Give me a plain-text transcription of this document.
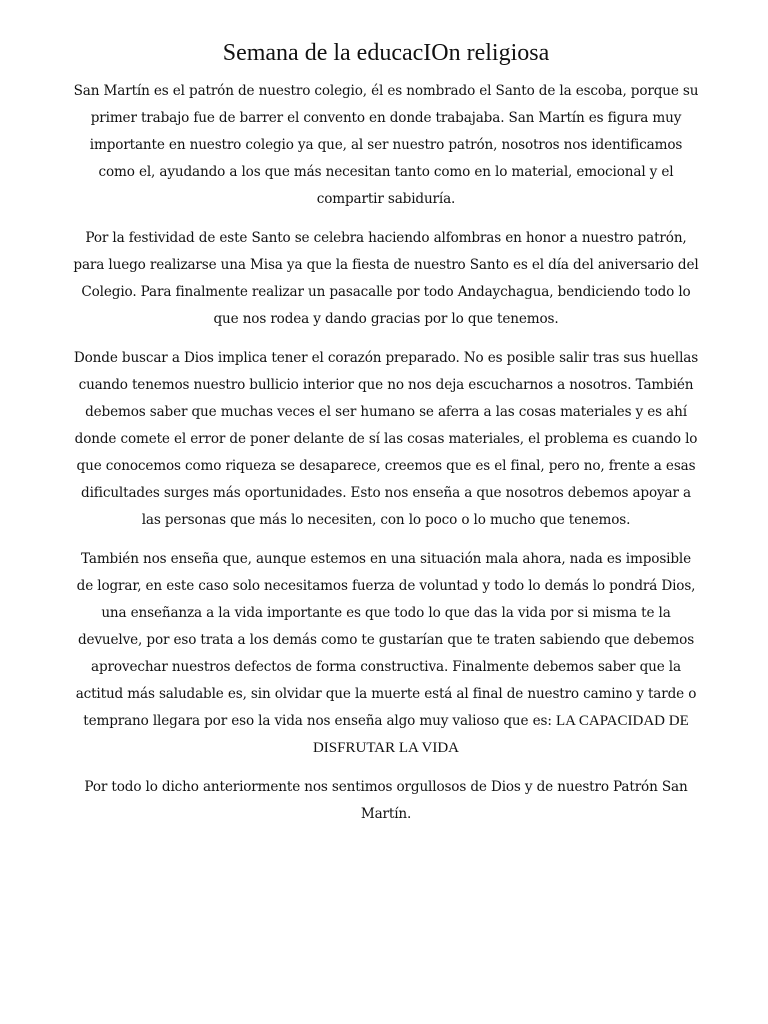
Semana de la educacIOn religiosa

San Martín es el patrón de nuestro colegio, él es nombrado el Santo de la escoba, porque su primer trabajo fue de barrer el convento en donde trabajaba. San Martín es figura muy importante en nuestro colegio ya que, al ser nuestro patrón, nosotros nos identificamos como el, ayudando a los que más necesitan tanto como en lo material, emocional y el compartir sabiduría.

Por la festividad de este Santo se celebra haciendo alfombras en honor a nuestro patrón, para luego realizarse una Misa ya que la fiesta de nuestro Santo es el día del aniversario del Colegio. Para finalmente realizar un pasacalle por todo Andaychagua, bendiciendo todo lo que nos rodea y dando gracias por lo que tenemos.

Donde buscar a Dios implica tener el corazón preparado. No es posible salir tras sus huellas cuando tenemos nuestro bullicio interior que no nos deja escucharnos a nosotros. También debemos saber que muchas veces el ser humano se aferra a las cosas materiales y es ahí donde comete el error de poner delante de sí las cosas materiales, el problema es cuando lo que conocemos como riqueza se desaparece, creemos que es el final, pero no, frente a esas dificultades surges más oportunidades. Esto nos enseña a que nosotros debemos apoyar a las personas que más lo necesiten, con lo poco o lo mucho que tenemos.

También nos enseña que, aunque estemos en una situación mala ahora, nada es imposible de lograr, en este caso solo necesitamos fuerza de voluntad y todo lo demás lo pondrá Dios, una enseñanza a la vida importante es que todo lo que das la vida por si misma te la devuelve, por eso trata a los demás como te gustarían que te traten sabiendo que debemos aprovechar nuestros defectos de forma constructiva. Finalmente debemos saber que la actitud más saludable es, sin olvidar que la muerte está al final de nuestro camino y tarde o temprano llegara por eso la vida nos enseña algo muy valioso que es: LA CAPACIDAD DE DISFRUTAR LA VIDA

Por todo lo dicho anteriormente nos sentimos orgullosos de Dios y de nuestro Patrón San Martín.
